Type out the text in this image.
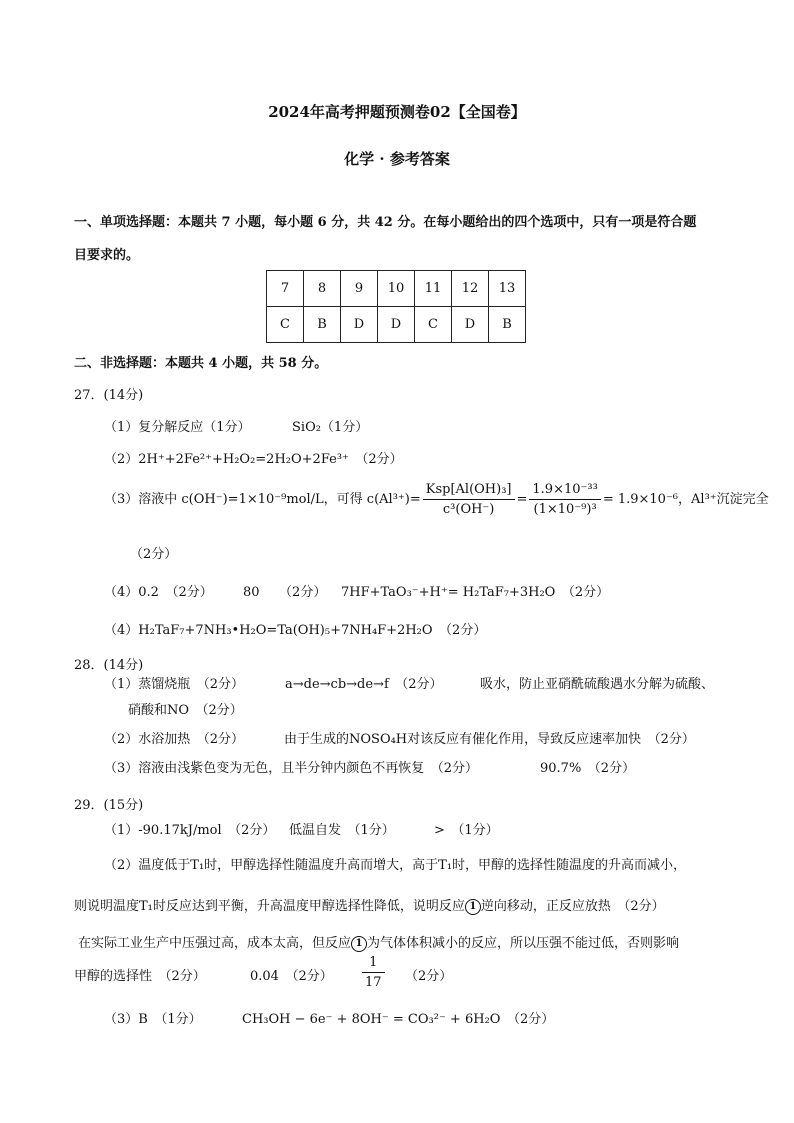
2024年高考押题预测卷02【全国卷】
化学 · 参考答案
一、单项选择题：本题共 7 小题，每小题 6 分，共 42 分。在每小题给出的四个选项中，只有一项是符合题
目要求的。
7	8	9	10	11	12	13
C	B	D	D	C	D	B
二、非选择题：本题共 4 小题，共 58 分。
27．(14分)
（1）复分解反应（1分）	SiO₂（1分）
（2）2H⁺+2Fe²⁺+H₂O₂=2H₂O+2Fe³⁺　（2分）
（3）溶液中 c(OH⁻)=1×10⁻⁹mol/L，可得 $c(Al^{3+})= \frac{\text{Ksp[Al(OH)₃]}}{\text{c³(OH⁻)}} = \frac{\text{1.9×10⁻³³}}{\text{(1×10⁻⁹)³}} = 1.9\times 10^{-6}$，Al³⁺沉淀完全
（2分）
（4）0.2　（2分） 80　　（2分） 7HF+TaO₃⁻+H⁺= H₂TaF₇+3H₂O　（2分）
（4）H₂TaF₇+7NH₃•H₂O=Ta(OH)₅+7NH₄F+2H₂O　（2分）
28．(14分)
（1）蒸馏烧瓶　（2分）	a→de→cb→de→f　（2分）	吸水，防止亚硝酰硫酸遇水分解为硫酸、
硝酸和NO　（2分）
（2）水浴加热　（2分）	由于生成的NOSO₄H对该反应有催化作用，导致反应速率加快　（2分）
（3）溶液由浅紫色变为无色，且半分钟内颜色不再恢复　（2分）	90.7%　（2分）
29．(15分)
（1）-90.17kJ/mol　（2分） 低温自发　（1分）	>　（1分）
（2）温度低于T₁时，甲醇选择性随温度升高而增大，高于T₁时，甲醇的选择性随温度的升高而减小，
则说明温度T₁时反应达到平衡，升高温度甲醇选择性降低，说明反应 1 逆向移动，正反应放热　（2分）
在实际工业生产中压强过高，成本太高，但反应 1 为气体体积减小的反应，所以压强不能过低，否则影响
甲醇的选择性　（2分）	0.04　（2分） $\frac{1}{17} (2$分）
（3）B　（1分）	CH₃OH − 6e⁻ + 8OH⁻ = CO₃²⁻ + 6H₂O　（2分）
